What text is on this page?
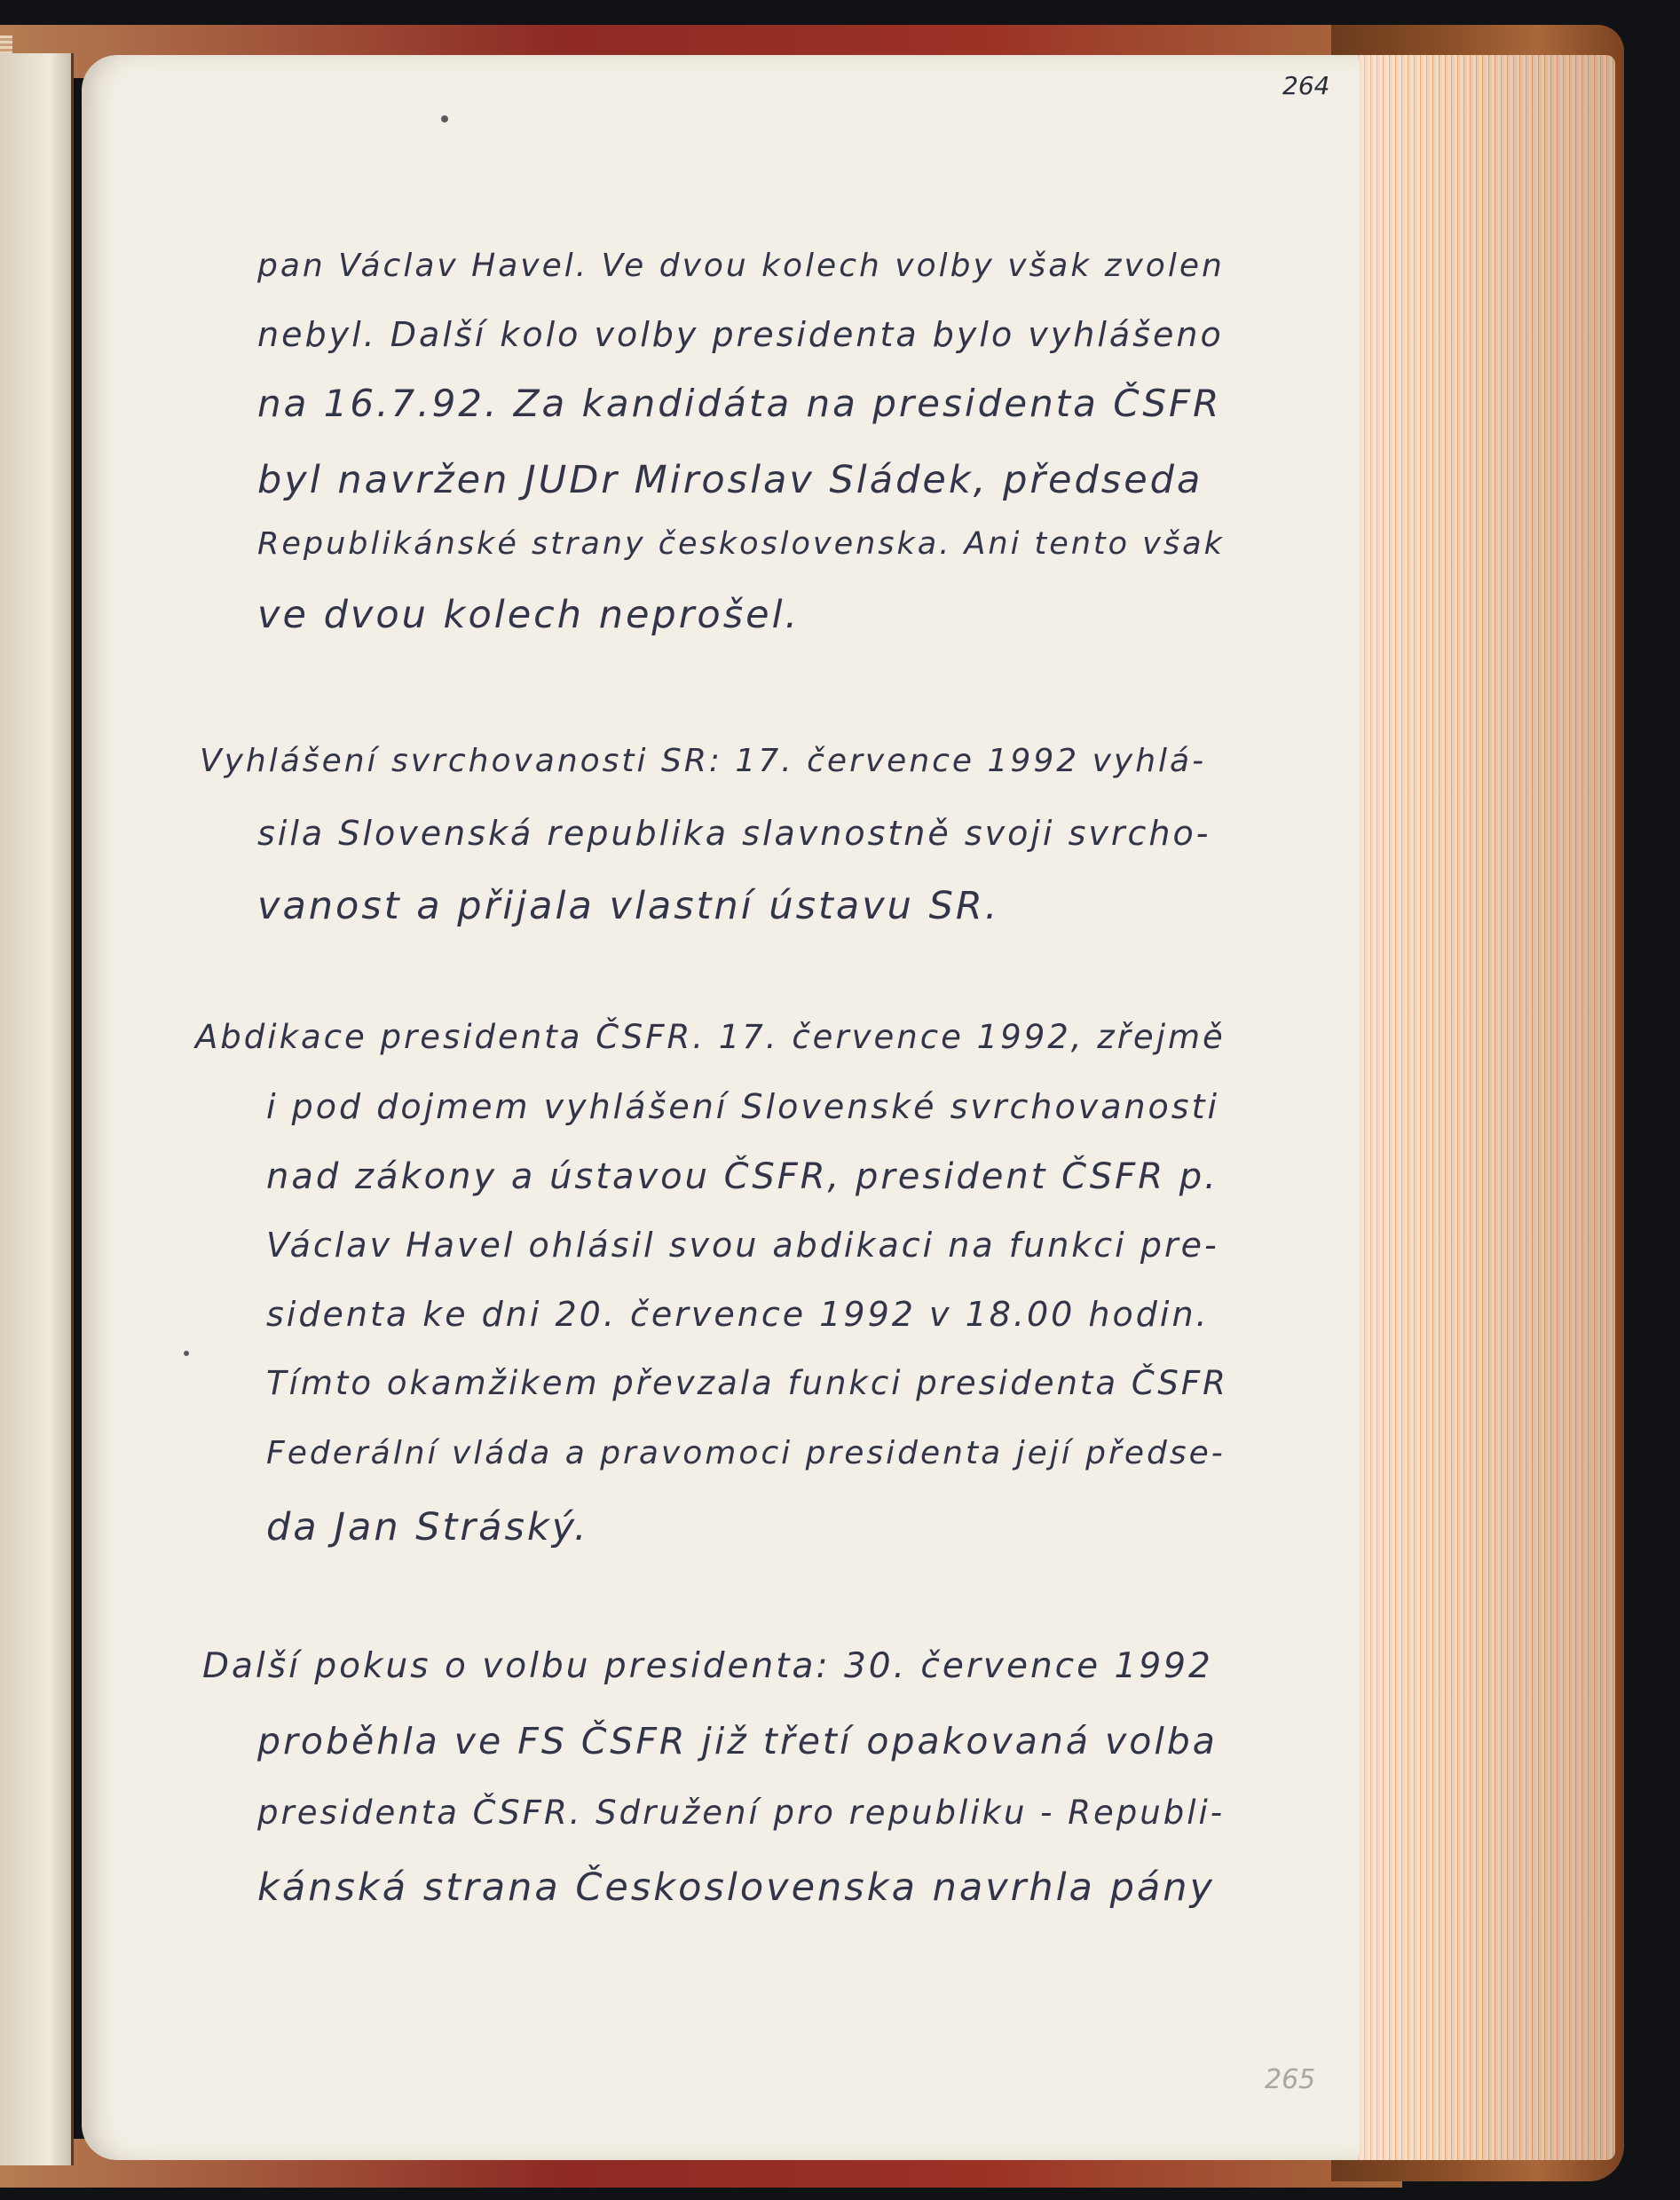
264
265
pan Václav Havel. Ve dvou kolech volby však zvolen
nebyl. Další kolo volby presidenta bylo vyhlášeno
na 16.7.92. Za kandidáta na presidenta ČSFR
byl navržen JUDr Miroslav Sládek, předseda
Republikánské strany československa. Ani tento však
ve dvou kolech neprošel.
Vyhlášení svrchovanosti SR: 17. července 1992 vyhlá-
sila Slovenská republika slavnostně svoji svrcho-
vanost a přijala vlastní ústavu SR.
Abdikace presidenta ČSFR. 17. července 1992, zřejmě
i pod dojmem vyhlášení Slovenské svrchovanosti
nad zákony a ústavou ČSFR, president ČSFR p.
Václav Havel ohlásil svou abdikaci na funkci pre-
sidenta ke dni 20. července 1992 v 18.00 hodin.
Tímto okamžikem převzala funkci presidenta ČSFR
Federální vláda a pravomoci presidenta její předse-
da Jan Stráský.
Další pokus o volbu presidenta: 30. července 1992
proběhla ve FS ČSFR již třetí opakovaná volba
presidenta ČSFR. Sdružení pro republiku - Republi-
kánská strana Československa navrhla pány
